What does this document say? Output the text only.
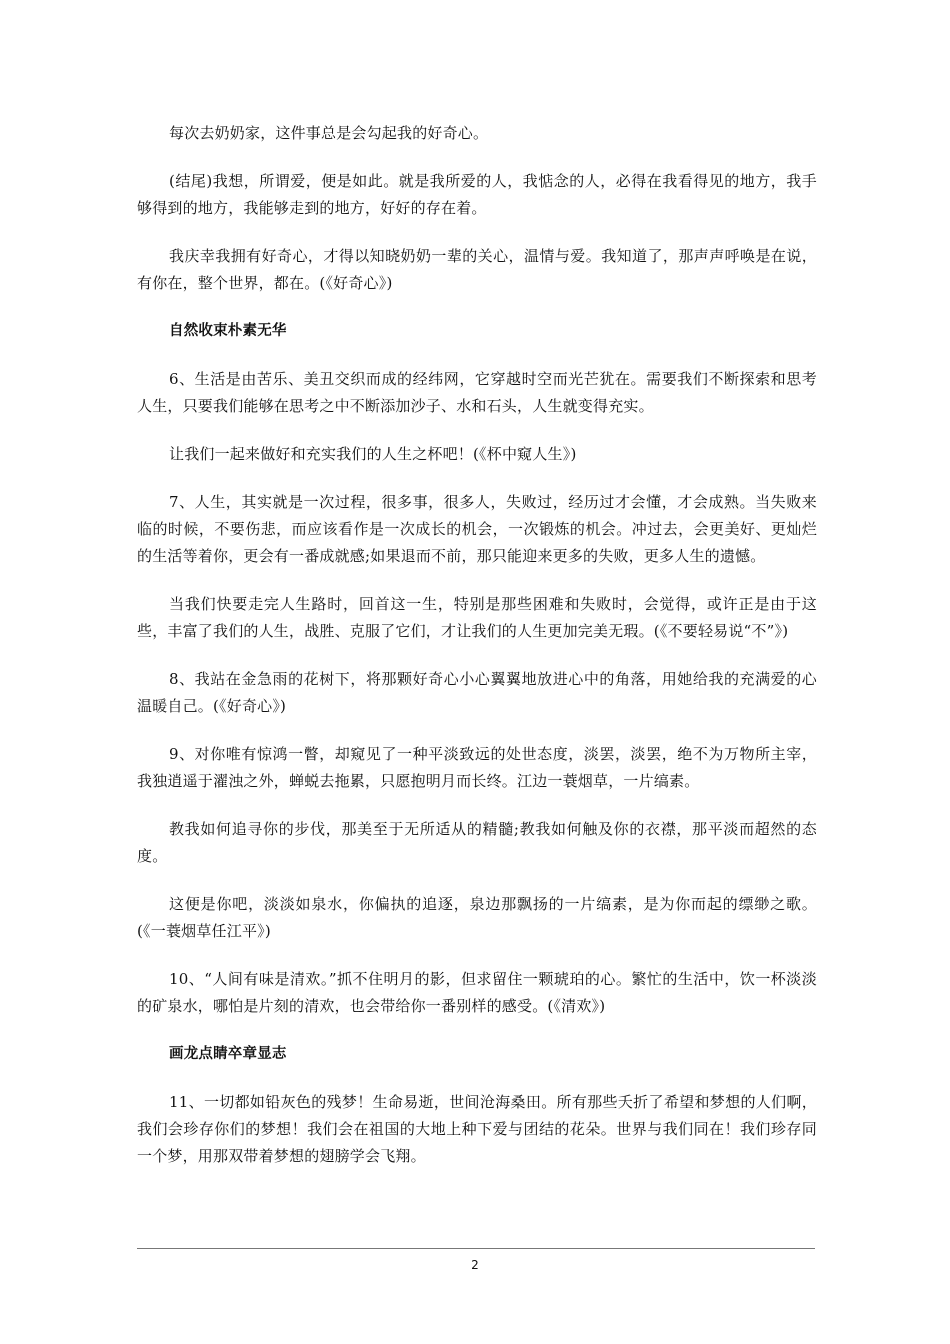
每次去奶奶家，这件事总是会勾起我的好奇心。

(结尾)我想，所谓爱，便是如此。就是我所爱的人，我惦念的人，必得在我看得见的地方，我手够得到的地方，我能够走到的地方，好好的存在着。

我庆幸我拥有好奇心，才得以知晓奶奶一辈的关心，温情与爱。我知道了，那声声呼唤是在说，有你在，整个世界，都在。(《好奇心》)

自然收束朴素无华

6、生活是由苦乐、美丑交织而成的经纬网，它穿越时空而光芒犹在。需要我们不断探索和思考人生，只要我们能够在思考之中不断添加沙子、水和石头，人生就变得充实。

让我们一起来做好和充实我们的人生之杯吧！(《杯中窥人生》)

7、人生，其实就是一次过程，很多事，很多人，失败过，经历过才会懂，才会成熟。当失败来临的时候，不要伤悲，而应该看作是一次成长的机会，一次锻炼的机会。冲过去，会更美好、更灿烂的生活等着你，更会有一番成就感;如果退而不前，那只能迎来更多的失败，更多人生的遗憾。

当我们快要走完人生路时，回首这一生，特别是那些困难和失败时，会觉得，或许正是由于这些，丰富了我们的人生，战胜、克服了它们，才让我们的人生更加完美无瑕。(《不要轻易说“不”》)

8、我站在金急雨的花树下，将那颗好奇心小心翼翼地放进心中的角落，用她给我的充满爱的心温暖自己。(《好奇心》)

9、对你唯有惊鸿一瞥，却窥见了一种平淡致远的处世态度，淡罢，淡罢，绝不为万物所主宰，我独逍遥于濯浊之外，蝉蜕去拖累，只愿抱明月而长终。江边一蓑烟草，一片缟素。

教我如何追寻你的步伐，那美至于无所适从的精髓;教我如何触及你的衣襟，那平淡而超然的态度。

这便是你吧，淡淡如泉水，你偏执的追逐，泉边那飘扬的一片缟素，是为你而起的缥缈之歌。(《一蓑烟草任江平》)

10、“人间有味是清欢。”抓不住明月的影，但求留住一颗琥珀的心。繁忙的生活中，饮一杯淡淡的矿泉水，哪怕是片刻的清欢，也会带给你一番别样的感受。(《清欢》)

画龙点睛卒章显志

11、一切都如铅灰色的残梦！生命易逝，世间沧海桑田。所有那些夭折了希望和梦想的人们啊，我们会珍存你们的梦想！我们会在祖国的大地上种下爱与团结的花朵。世界与我们同在！我们珍存同一个梦，用那双带着梦想的翅膀学会飞翔。

2
